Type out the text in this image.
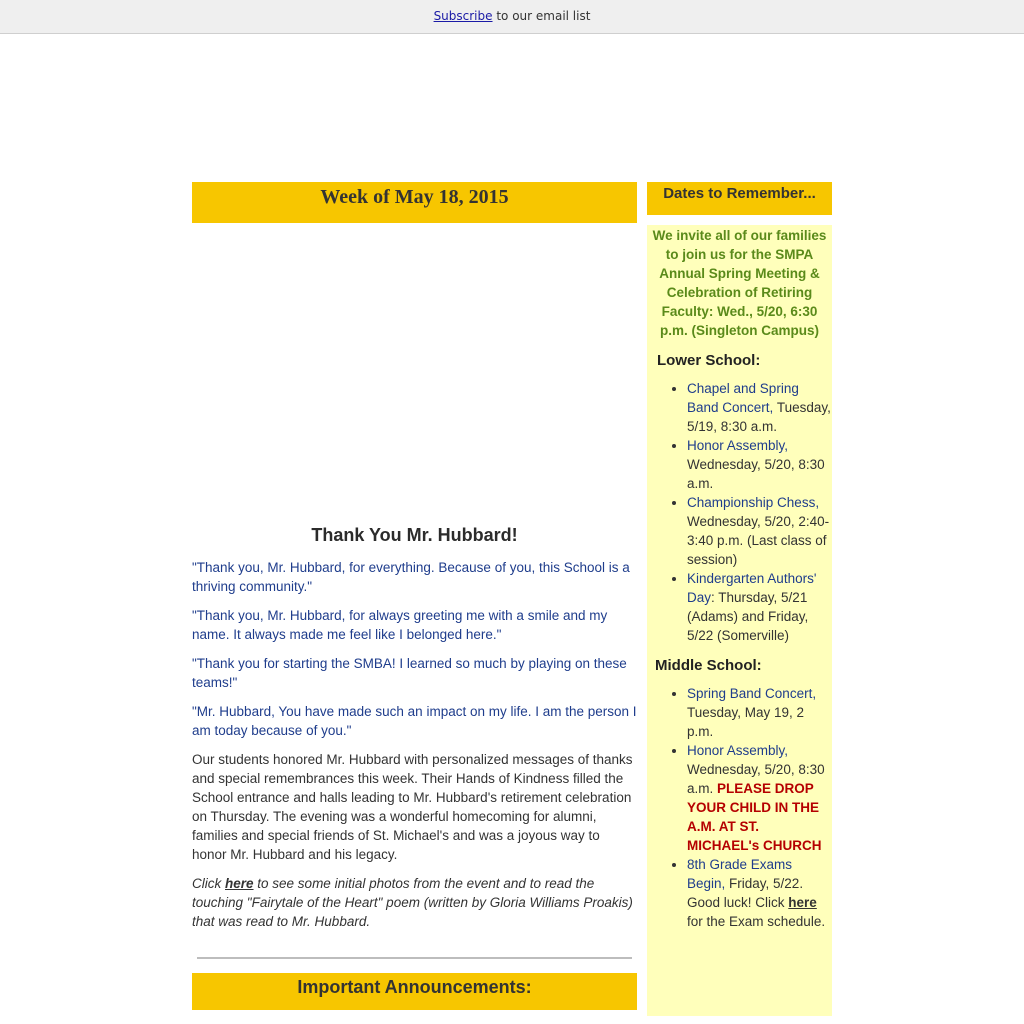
Subscribe to our email list
Week of May 18, 2015
Thank You Mr. Hubbard!

"Thank you, Mr. Hubbard, for everything. Because of you, this School is a thriving community."

"Thank you, Mr. Hubbard, for always greeting me with a smile and my name. It always made me feel like I belonged here."

"Thank you for starting the SMBA! I learned so much by playing on these teams!"

"Mr. Hubbard, You have made such an impact on my life. I am the person I am today because of you."

Our students honored Mr. Hubbard with personalized messages of thanks and special remembrances this week. Their Hands of Kindness filled the School entrance and halls leading to Mr. Hubbard's retirement celebration on Thursday. The evening was a wonderful homecoming for alumni, families and special friends of St. Michael's and was a joyous way to honor Mr. Hubbard and his legacy.

Click here to see some initial photos from the event and to read the touching "Fairytale of the Heart" poem (written by Gloria Williams Proakis) that was read to Mr. Hubbard.

Important Announcements:
Dates to Remember...

We invite all of our families to join us for the SMPA Annual Spring Meeting & Celebration of Retiring Faculty: Wed., 5/20, 6:30 p.m. (Singleton Campus)

Lower School:
• Chapel and Spring Band Concert, Tuesday, 5/19, 8:30 a.m.
• Honor Assembly, Wednesday, 5/20, 8:30 a.m.
• Championship Chess, Wednesday, 5/20, 2:40-3:40 p.m. (Last class of session)
• Kindergarten Authors' Day: Thursday, 5/21 (Adams) and Friday, 5/22 (Somerville)
Middle School:
• Spring Band Concert, Tuesday, May 19, 2 p.m.
• Honor Assembly, Wednesday, 5/20, 8:30 a.m. PLEASE DROP YOUR CHILD IN THE A.M. AT ST. MICHAEL's CHURCH
• 8th Grade Exams Begin, Friday, 5/22. Good luck! Click here for the Exam schedule.
